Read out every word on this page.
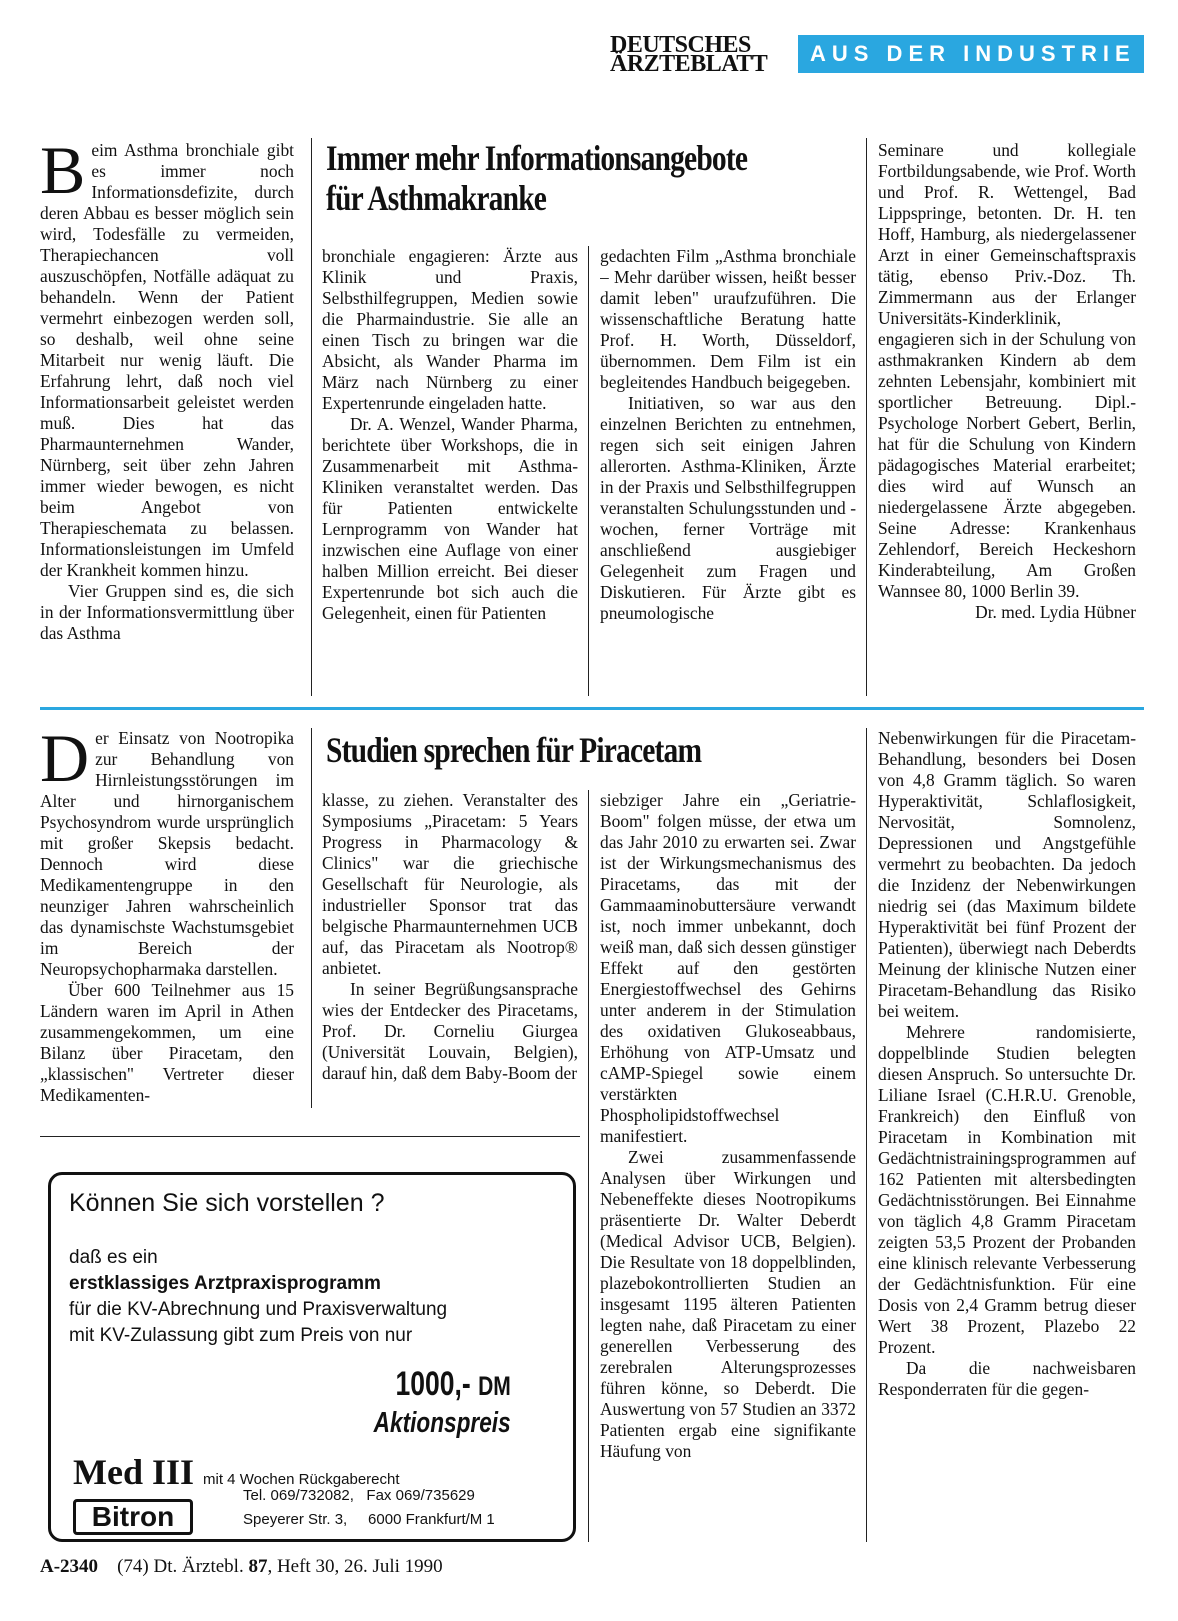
DEUTSCHES
ÄRZTEBLATT	AUS DER INDUSTRIE
Immer mehr Informationsangebote
für Asthmakranke

Beim Asthma bronchiale gibt es immer noch Informationsdefizite, durch deren Abbau es besser möglich sein wird, Todesfälle zu vermeiden, Therapiechancen voll auszuschöpfen, Notfälle adäquat zu behandeln. Wenn der Patient vermehrt einbezogen werden soll, so deshalb, weil ohne seine Mitarbeit nur wenig läuft. Die Erfahrung lehrt, daß noch viel Informationsarbeit geleistet werden muß. Dies hat das Pharmaunternehmen Wander, Nürnberg, seit über zehn Jahren immer wieder bewogen, es nicht beim Angebot von Therapieschemata zu belassen. Informationsleistungen im Umfeld der Krankheit kommen hinzu.

Vier Gruppen sind es, die sich in der Informationsvermittlung über das Asthma

bronchiale engagieren: Ärzte aus Klinik und Praxis, Selbsthilfegruppen, Medien sowie die Pharmaindustrie. Sie alle an einen Tisch zu bringen war die Absicht, als Wander Pharma im März nach Nürnberg zu einer Expertenrunde eingeladen hatte.

Dr. A. Wenzel, Wander Pharma, berichtete über Workshops, die in Zusammenarbeit mit Asthma-Kliniken veranstaltet werden. Das für Patienten entwickelte Lernprogramm von Wander hat inzwischen eine Auflage von einer halben Million erreicht. Bei dieser Expertenrunde bot sich auch die Gelegenheit, einen für Patienten

gedachten Film „Asthma bronchiale – Mehr darüber wissen, heißt besser damit leben" uraufzuführen. Die wissenschaftliche Beratung hatte Prof. H. Worth, Düsseldorf, übernommen. Dem Film ist ein begleitendes Handbuch beigegeben.

Initiativen, so war aus den einzelnen Berichten zu entnehmen, regen sich seit einigen Jahren allerorten. Asthma-Kliniken, Ärzte in der Praxis und Selbsthilfegruppen veranstalten Schulungsstunden und -wochen, ferner Vorträge mit anschließend ausgiebiger Gelegenheit zum Fragen und Diskutieren. Für Ärzte gibt es pneumologische

Seminare und kollegiale Fortbildungsabende, wie Prof. Worth und Prof. R. Wettengel, Bad Lippspringe, betonten. Dr. H. ten Hoff, Hamburg, als niedergelassener Arzt in einer Gemeinschaftspraxis tätig, ebenso Priv.-Doz. Th. Zimmermann aus der Erlanger Universitäts-Kinderklinik, engagieren sich in der Schulung von asthmakranken Kindern ab dem zehnten Lebensjahr, kombiniert mit sportlicher Betreuung. Dipl.-Psychologe Norbert Gebert, Berlin, hat für die Schulung von Kindern pädagogisches Material erarbeitet; dies wird auf Wunsch an niedergelassene Ärzte abgegeben. Seine Adresse: Krankenhaus Zehlendorf, Bereich Heckeshorn Kinderabteilung, Am Großen Wannsee 80, 1000 Berlin 39.

Dr. med. Lydia Hübner

Studien sprechen für Piracetam

Der Einsatz von Nootropika zur Behandlung von Hirnleistungsstörungen im Alter und hirnorganischem Psychosyndrom wurde ursprünglich mit großer Skepsis bedacht. Dennoch wird diese Medikamentengruppe in den neunziger Jahren wahrscheinlich das dynamischste Wachstumsgebiet im Bereich der Neuropsychopharmaka darstellen.

Über 600 Teilnehmer aus 15 Ländern waren im April in Athen zusammengekommen, um eine Bilanz über Piracetam, den „klassischen" Vertreter dieser Medikamenten-

klasse, zu ziehen. Veranstalter des Symposiums „Piracetam: 5 Years Progress in Pharmacology & Clinics" war die griechische Gesellschaft für Neurologie, als industrieller Sponsor trat das belgische Pharmaunternehmen UCB auf, das Piracetam als Nootrop® anbietet.

In seiner Begrüßungsansprache wies der Entdecker des Piracetams, Prof. Dr. Corneliu Giurgea (Universität Louvain, Belgien), darauf hin, daß dem Baby-Boom der

siebziger Jahre ein „Geriatrie-Boom" folgen müsse, der etwa um das Jahr 2010 zu erwarten sei. Zwar ist der Wirkungsmechanismus des Piracetams, das mit der Gammaaminobuttersäure verwandt ist, noch immer unbekannt, doch weiß man, daß sich dessen günstiger Effekt auf den gestörten Energiestoffwechsel des Gehirns unter anderem in der Stimulation des oxidativen Glukoseabbaus, Erhöhung von ATP-Umsatz und cAMP-Spiegel sowie einem verstärkten Phospholipidstoffwechsel manifestiert.

Zwei zusammenfassende Analysen über Wirkungen und Nebeneffekte dieses Nootropikums präsentierte Dr. Walter Deberdt (Medical Advisor UCB, Belgien). Die Resultate von 18 doppelblinden, plazebokontrollierten Studien an insgesamt 1195 älteren Patienten legten nahe, daß Piracetam zu einer generellen Verbesserung des zerebralen Alterungsprozesses führen könne, so Deberdt. Die Auswertung von 57 Studien an 3372 Patienten ergab eine signifikante Häufung von

Nebenwirkungen für die Piracetam-Behandlung, besonders bei Dosen von 4,8 Gramm täglich. So waren Hyperaktivität, Schlaflosigkeit, Nervosität, Somnolenz, Depressionen und Angstgefühle vermehrt zu beobachten. Da jedoch die Inzidenz der Nebenwirkungen niedrig sei (das Maximum bildete Hyperaktivität bei fünf Prozent der Patienten), überwiegt nach Deberdts Meinung der klinische Nutzen einer Piracetam-Behandlung das Risiko bei weitem.

Mehrere randomisierte, doppelblinde Studien belegten diesen Anspruch. So untersuchte Dr. Liliane Israel (C.H.R.U. Grenoble, Frankreich) den Einfluß von Piracetam in Kombination mit Gedächtnistrainingsprogrammen auf 162 Patienten mit altersbedingten Gedächtnisstörungen. Bei Einnahme von täglich 4,8 Gramm Piracetam zeigten 53,5 Prozent der Probanden eine klinisch relevante Verbesserung der Gedächtnisfunktion. Für eine Dosis von 2,4 Gramm betrug dieser Wert 38 Prozent, Plazebo 22 Prozent.

Da die nachweisbaren Responderraten für die gegen-

Können Sie sich vorstellen ?
daß es ein
erstklassiges Arztpraxisprogramm
für die KV-Abrechnung und Praxisverwaltung
mit KV-Zulassung gibt zum Preis von nur
1000,- DM
Aktionspreis
Med III mit 4 Wochen Rückgaberecht
Bitron
Tel. 069/732082,   Fax 069/735629
Speyerer Str. 3,     6000 Frankfurt/M 1
A-2340 (74) Dt. Ärztebl. 87, Heft 30, 26. Juli 1990
